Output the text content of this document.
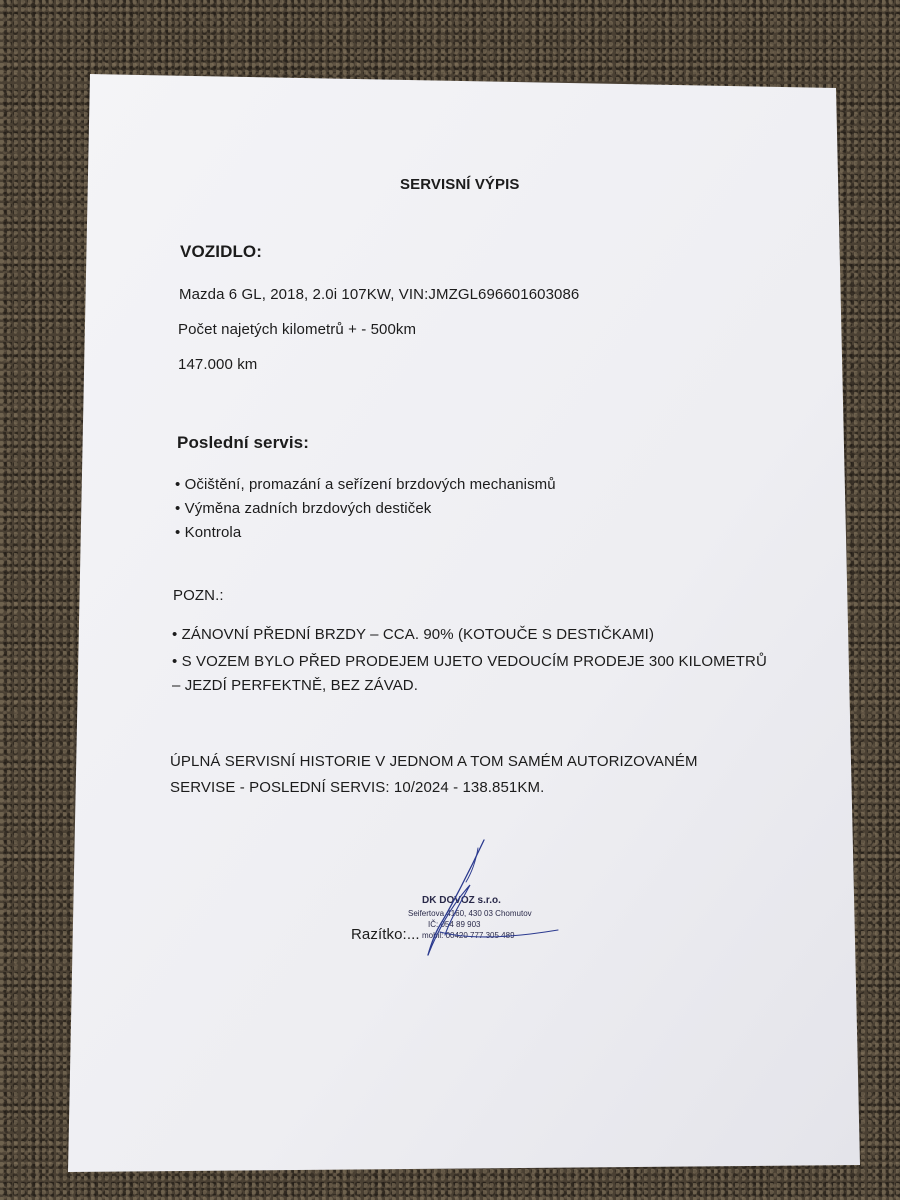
SERVISNÍ VÝPIS
VOZIDLO:
Mazda 6 GL, 2018, 2.0i 107KW, VIN:JMZGL696601603086
Počet najetých kilometrů + - 500km
147.000 km
Poslední servis:
• Očištění, promazání a seřízení brzdových mechanismů
• Výměna zadních brzdových destiček
• Kontrola
POZN.:
• ZÁNOVNÍ PŘEDNÍ BRZDY – CCA. 90% (KOTOUČE S DESTIČKAMI)
• S VOZEM BYLO PŘED PRODEJEM UJETO VEDOUCÍM PRODEJE 300 KILOMETRŮ
– JEZDÍ PERFEKTNĚ, BEZ ZÁVAD.
ÚPLNÁ SERVISNÍ HISTORIE V JEDNOM A TOM SAMÉM AUTORIZOVANÉM
SERVISE - POSLEDNÍ SERVIS: 10/2024 - 138.851KM.
Razítko:...
DK DOVOZ s.r.o.
Seifertova 4160, 430 03 Chomutov
IČ: 054 89 903
mobil: 00420 777 305 489
